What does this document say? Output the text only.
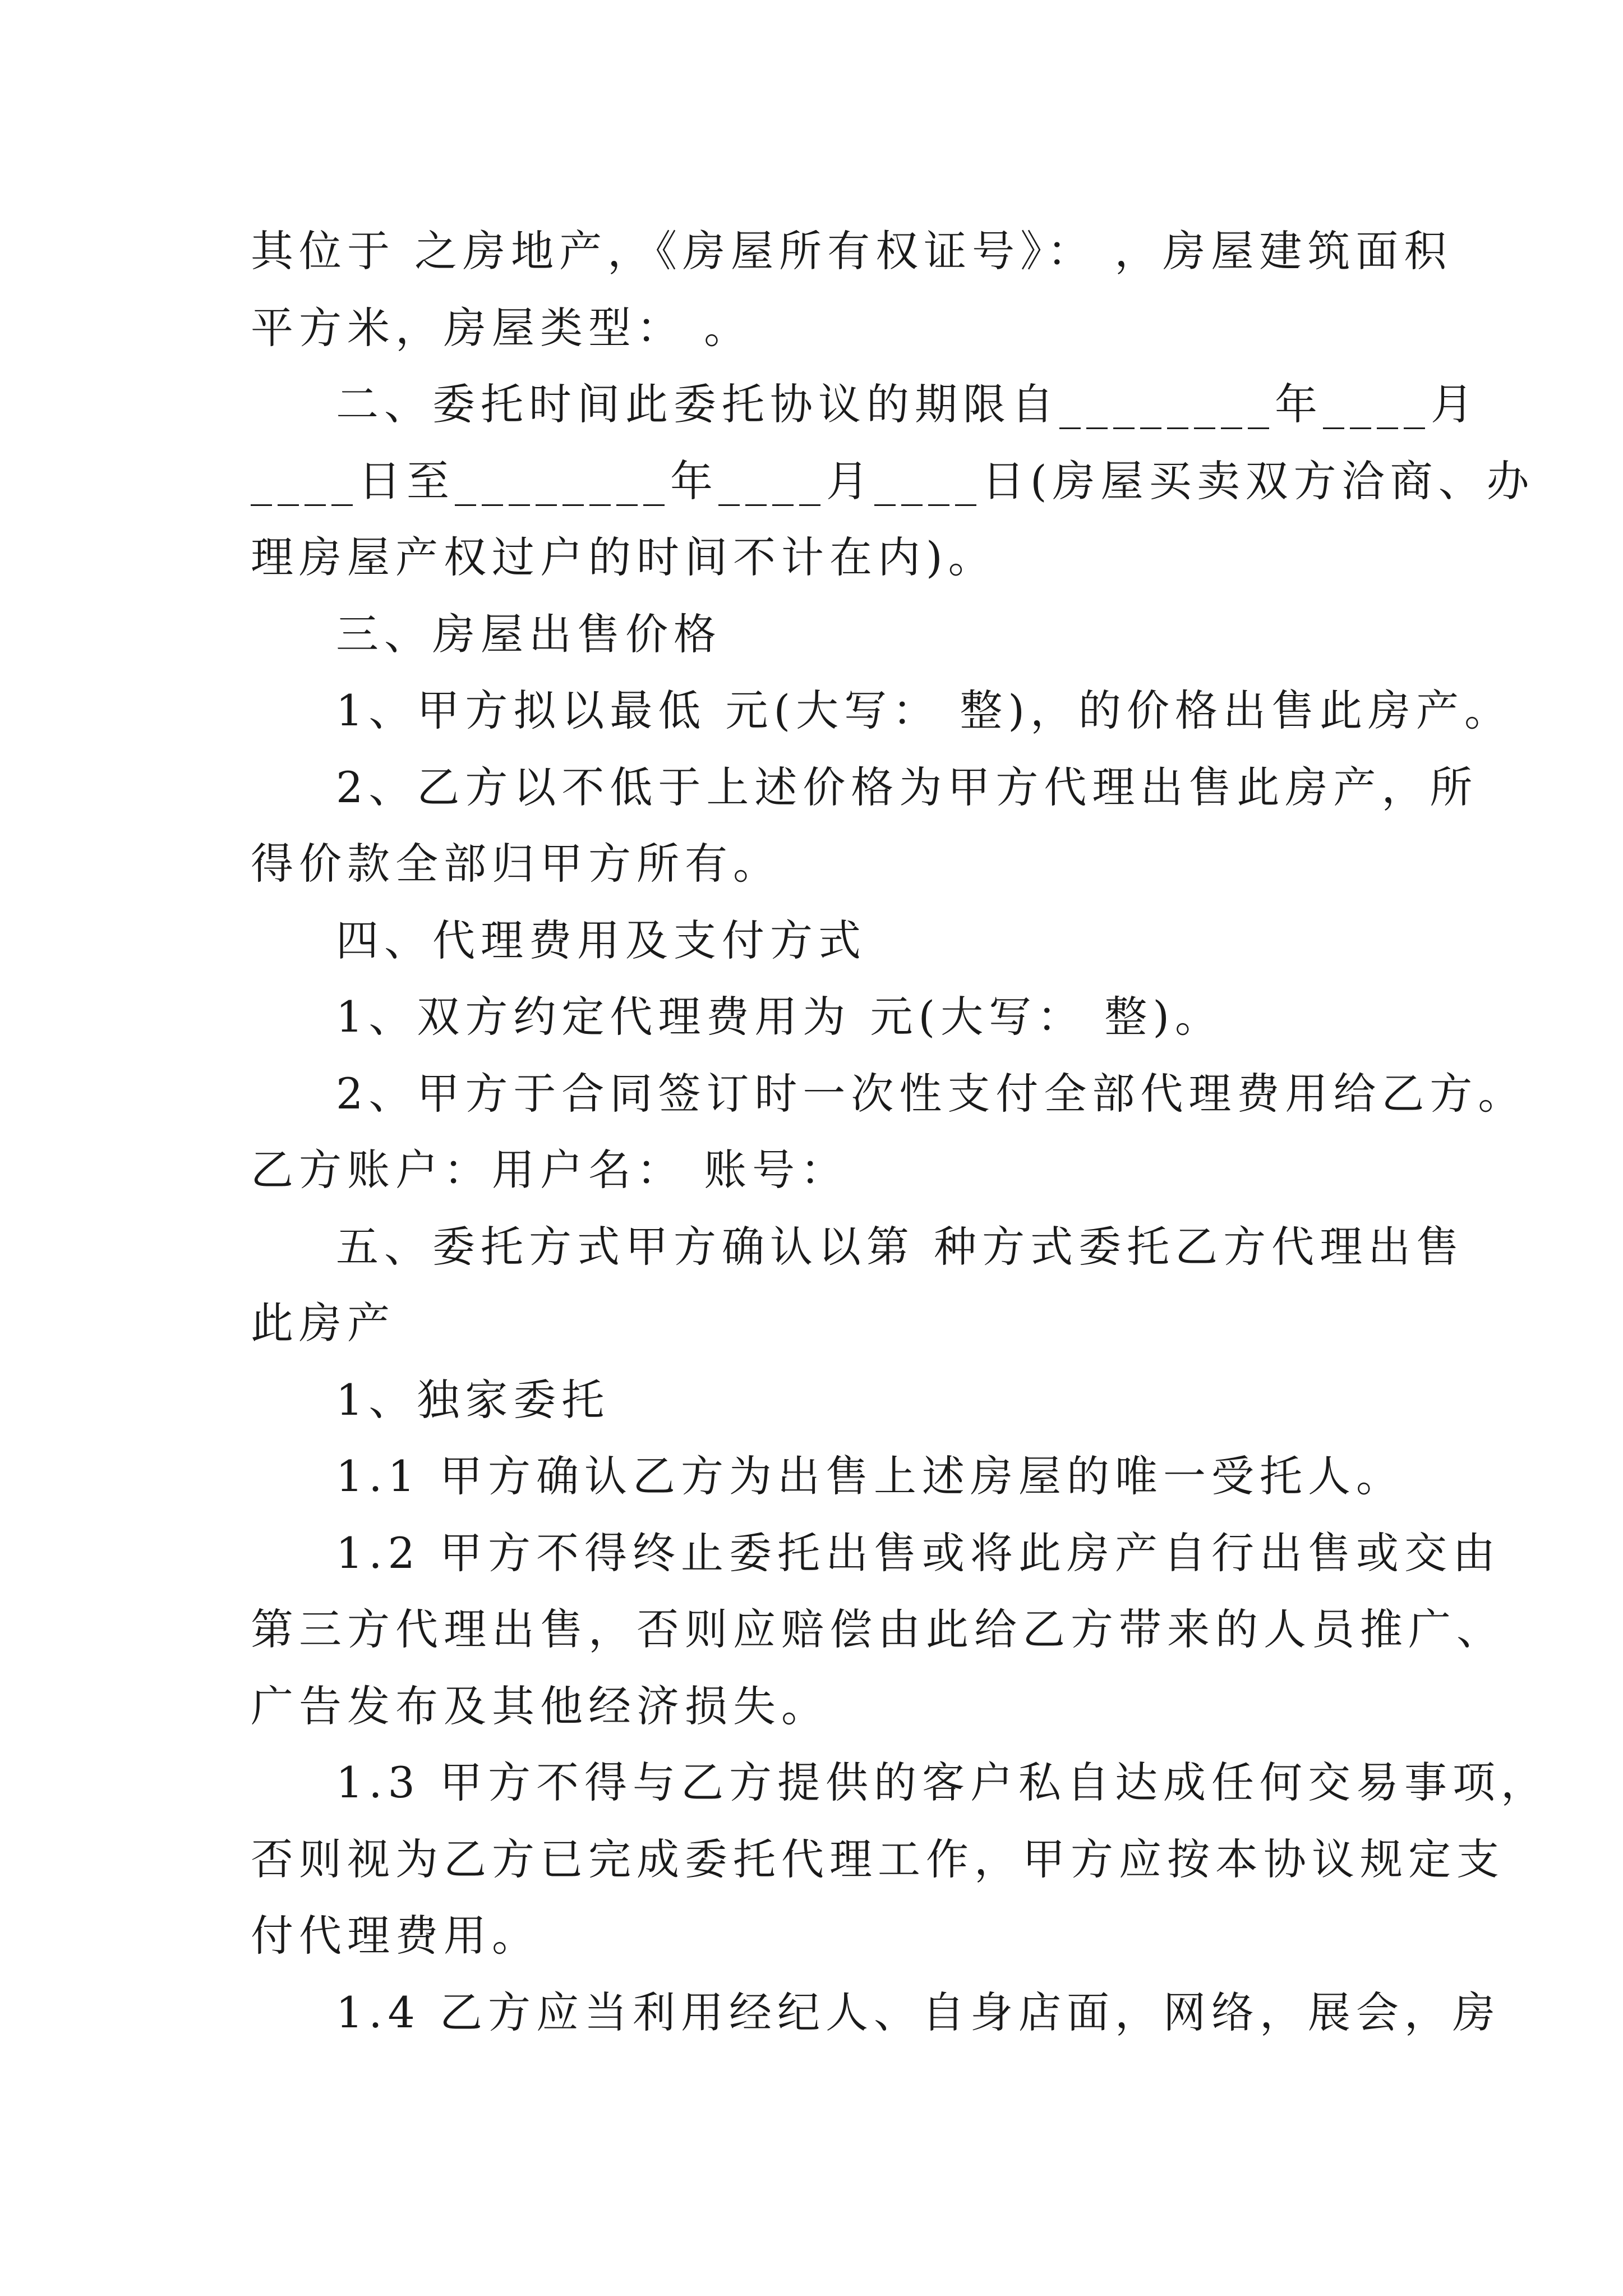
其位于 之房地产，《房屋所有权证号》： ，房屋建筑面积
平方米，房屋类型： 。
二、委托时间此委托协议的期限自________年____月
____日至________年____月____日(房屋买卖双方洽商、办
理房屋产权过户的时间不计在内)。
三、房屋出售价格
1、甲方拟以最低 元(大写： 整)，的价格出售此房产。
2、乙方以不低于上述价格为甲方代理出售此房产，所
得价款全部归甲方所有。
四、代理费用及支付方式
1、双方约定代理费用为 元(大写： 整)。
2、甲方于合同签订时一次性支付全部代理费用给乙方。
乙方账户：用户名： 账号：
五、委托方式甲方确认以第 种方式委托乙方代理出售
此房产
1、独家委托
1.1 甲方确认乙方为出售上述房屋的唯一受托人。
1.2 甲方不得终止委托出售或将此房产自行出售或交由
第三方代理出售，否则应赔偿由此给乙方带来的人员推广、
广告发布及其他经济损失。
1.3 甲方不得与乙方提供的客户私自达成任何交易事项，
否则视为乙方已完成委托代理工作，甲方应按本协议规定支
付代理费用。
1.4 乙方应当利用经纪人、自身店面，网络，展会，房
